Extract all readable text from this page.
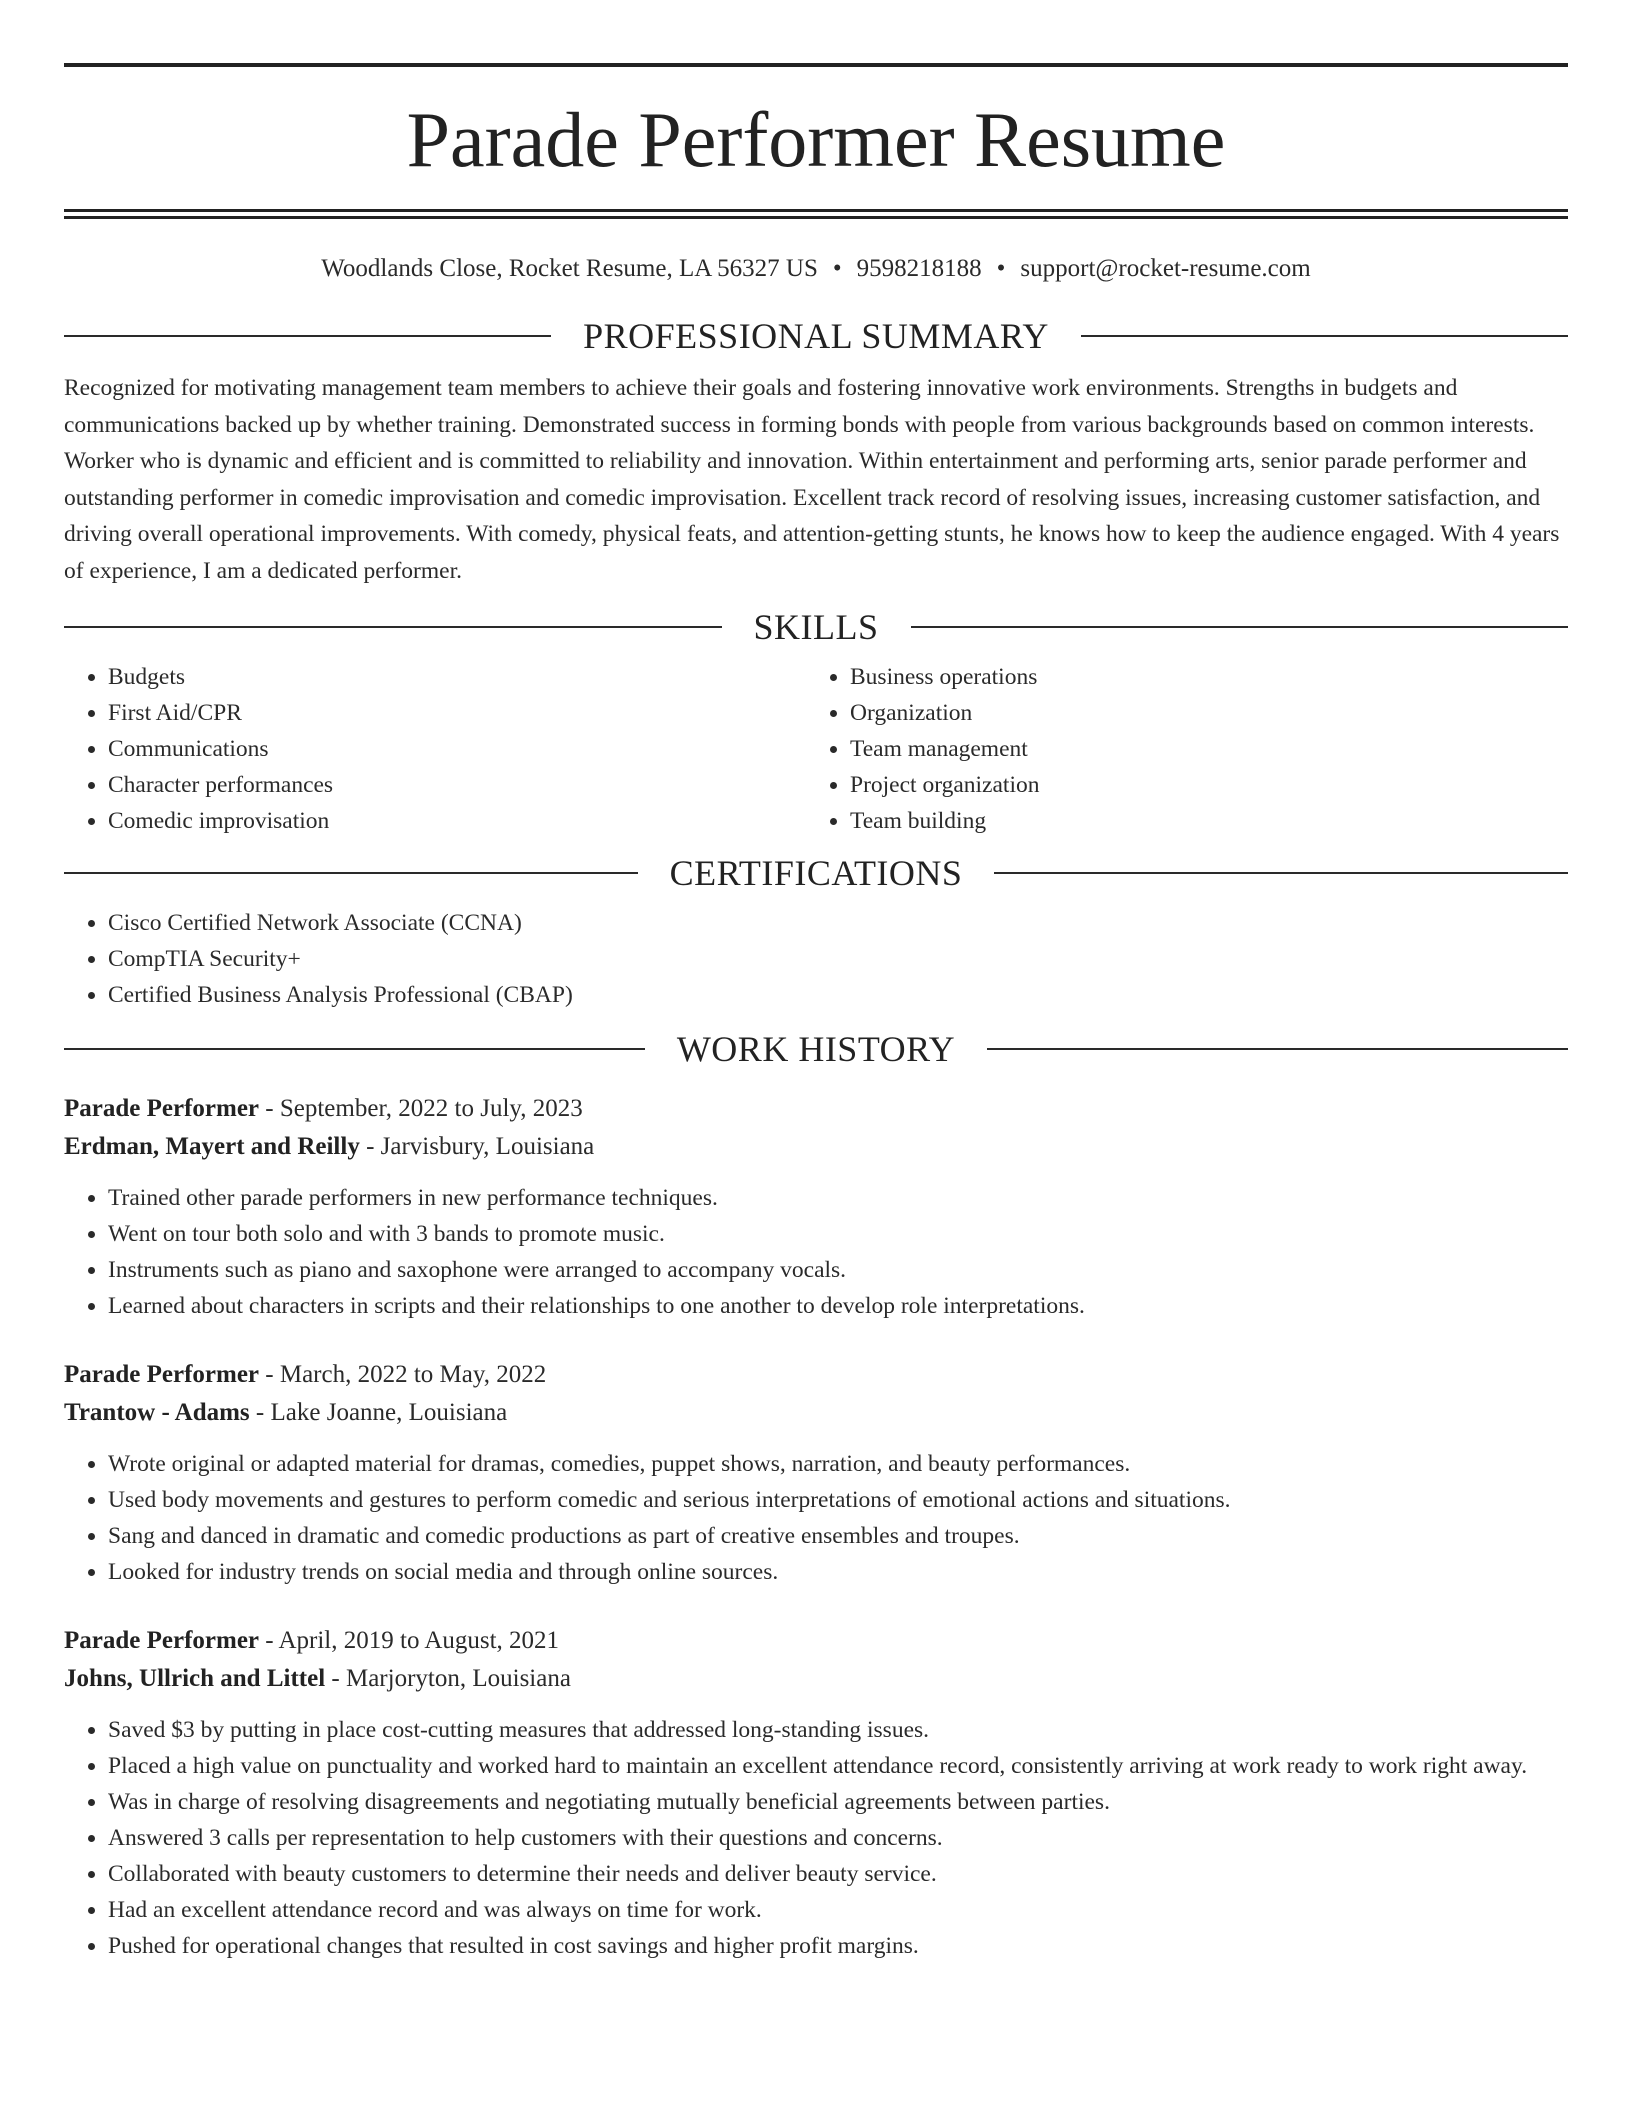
Parade Performer Resume
Woodlands Close, Rocket Resume, LA 56327 US • 9598218188 • support@rocket-resume.com
PROFESSIONAL SUMMARY

Recognized for motivating management team members to achieve their goals and fostering innovative work environments. Strengths in budgets and communications backed up by whether training. Demonstrated success in forming bonds with people from various backgrounds based on common interests. Worker who is dynamic and efficient and is committed to reliability and innovation. Within entertainment and performing arts, senior parade performer and outstanding performer in comedic improvisation and comedic improvisation. Excellent track record of resolving issues, increasing customer satisfaction, and driving overall operational improvements. With comedy, physical feats, and attention-getting stunts, he knows how to keep the audience engaged. With 4 years of experience, I am a dedicated performer.

SKILLS
• Budgets
• First Aid/CPR
• Communications
• Character performances
• Comedic improvisation
• Business operations
• Organization
• Team management
• Project organization
• Team building
CERTIFICATIONS
• Cisco Certified Network Associate (CCNA)
• CompTIA Security+
• Certified Business Analysis Professional (CBAP)
WORK HISTORY
Parade Performer - September, 2022 to July, 2023
Erdman, Mayert and Reilly - Jarvisbury, Louisiana
• Trained other parade performers in new performance techniques.
• Went on tour both solo and with 3 bands to promote music.
• Instruments such as piano and saxophone were arranged to accompany vocals.
• Learned about characters in scripts and their relationships to one another to develop role interpretations.
Parade Performer - March, 2022 to May, 2022
Trantow - Adams - Lake Joanne, Louisiana
• Wrote original or adapted material for dramas, comedies, puppet shows, narration, and beauty performances.
• Used body movements and gestures to perform comedic and serious interpretations of emotional actions and situations.
• Sang and danced in dramatic and comedic productions as part of creative ensembles and troupes.
• Looked for industry trends on social media and through online sources.
Parade Performer - April, 2019 to August, 2021
Johns, Ullrich and Littel - Marjoryton, Louisiana
• Saved $3 by putting in place cost-cutting measures that addressed long-standing issues.
• Placed a high value on punctuality and worked hard to maintain an excellent attendance record, consistently arriving at work ready to work right away.
• Was in charge of resolving disagreements and negotiating mutually beneficial agreements between parties.
• Answered 3 calls per representation to help customers with their questions and concerns.
• Collaborated with beauty customers to determine their needs and deliver beauty service.
• Had an excellent attendance record and was always on time for work.
• Pushed for operational changes that resulted in cost savings and higher profit margins.
